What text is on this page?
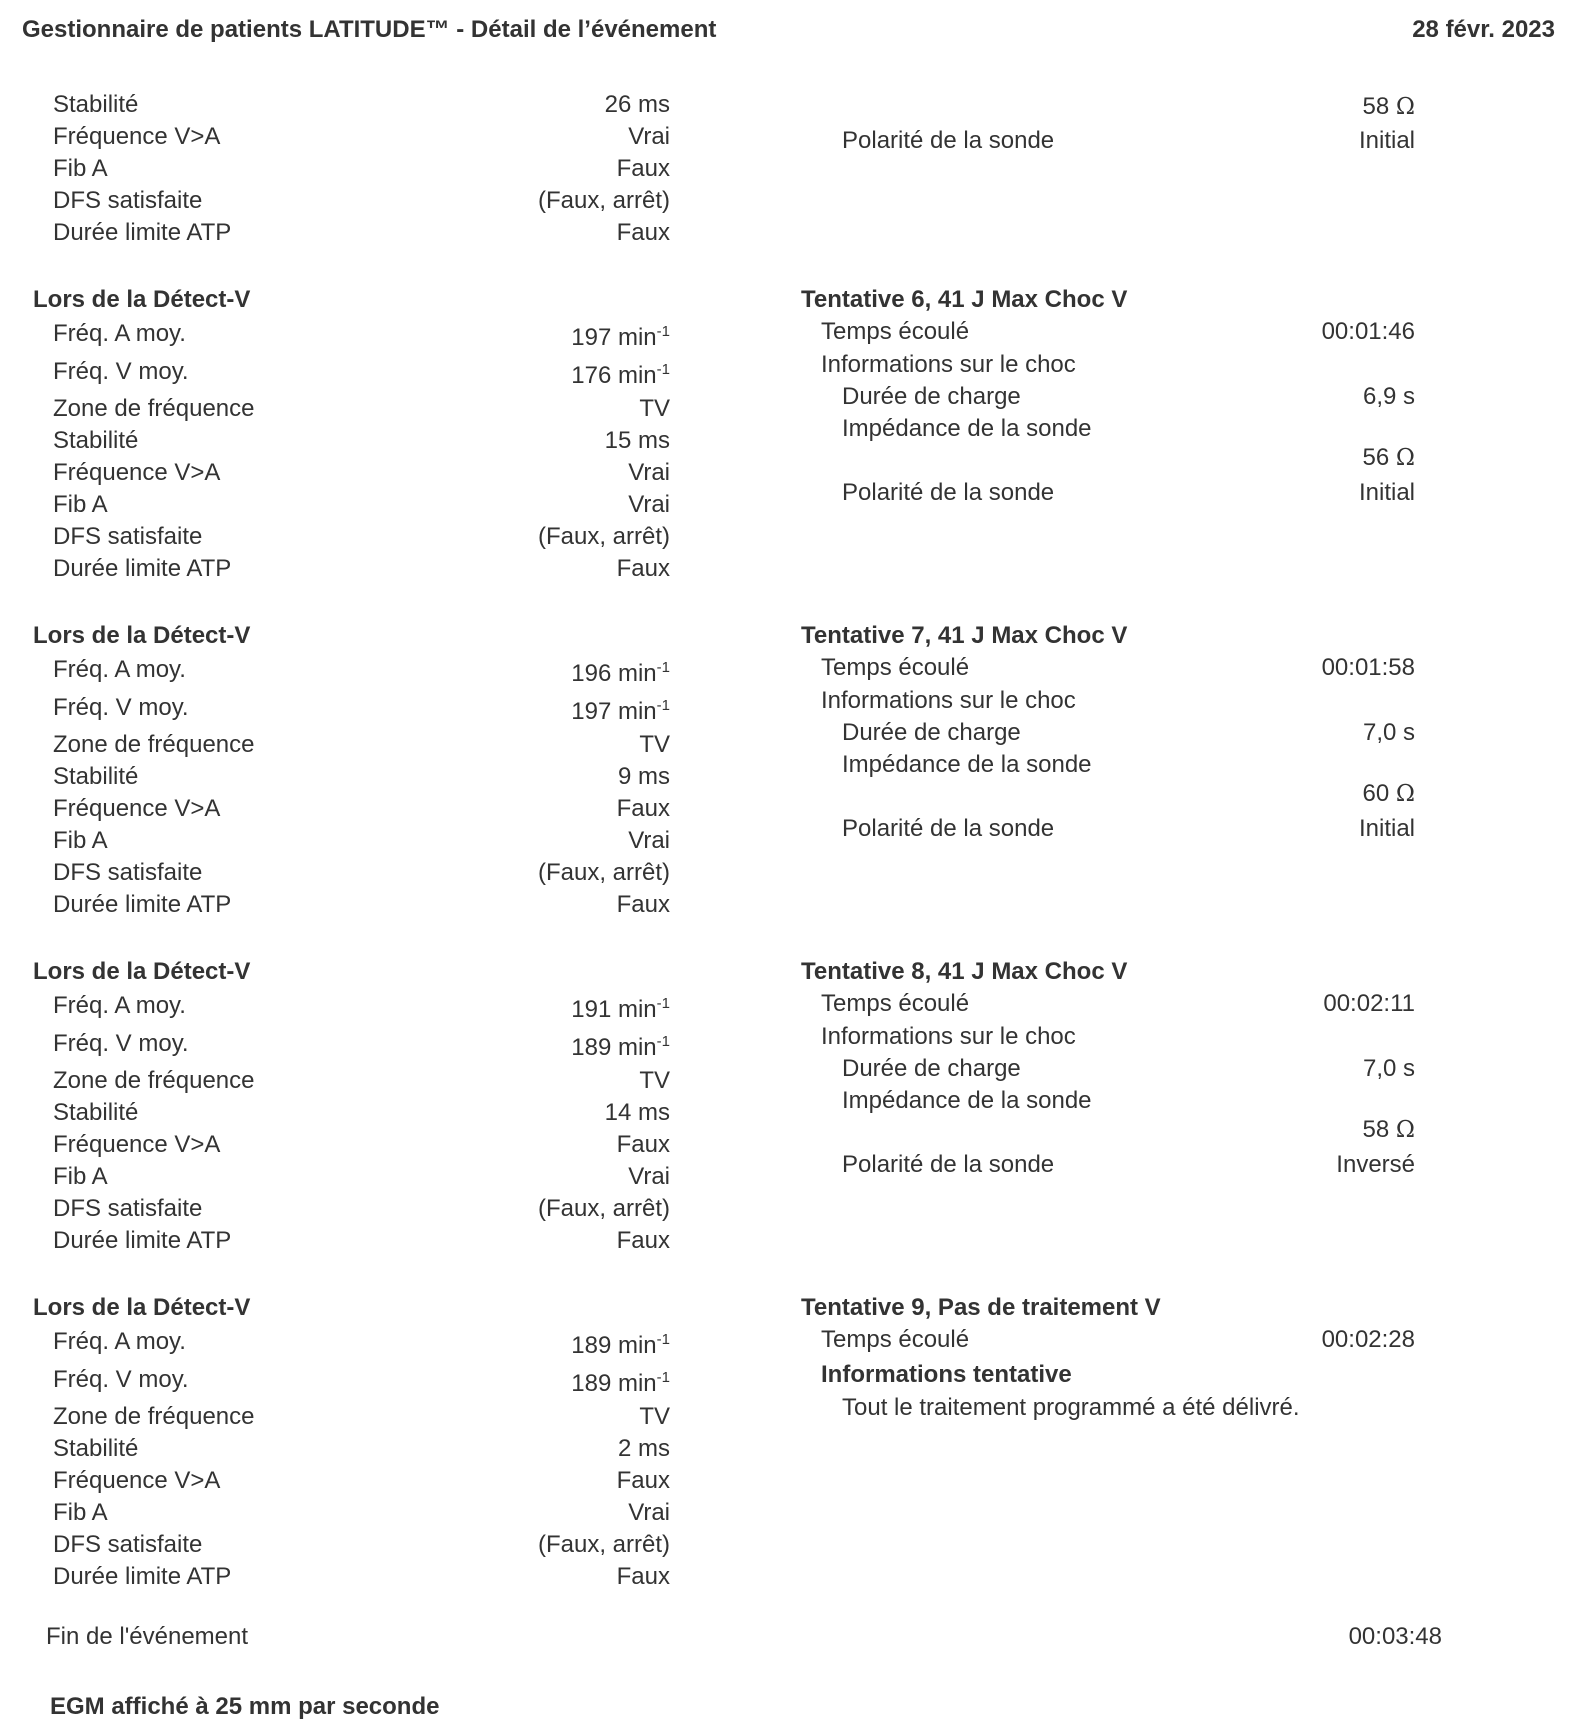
Gestionnaire de patients LATITUDE™ - Détail de l’événement	28 févr. 2023
Stabilité	26 ms
Fréquence V>A	Vrai
Fib A	Faux
DFS satisfaite	(Faux, arrêt)
Durée limite ATP	Faux
Lors de la Détect-V
Fréq. A moy.	197 $\min^{-1}$
Fréq. V moy.	176 $\min^{-1}$
Zone de fréquence	TV
Stabilité	15 ms
Fréquence V>A	Vrai
Fib A	Vrai
DFS satisfaite	(Faux, arrêt)
Durée limite ATP	Faux
Lors de la Détect-V
Fréq. A moy.	196 $\min^{-1}$
Fréq. V moy.	197 $\min^{-1}$
Zone de fréquence	TV
Stabilité	9 ms
Fréquence V>A	Faux
Fib A	Vrai
DFS satisfaite	(Faux, arrêt)
Durée limite ATP	Faux
Lors de la Détect-V
Fréq. A moy.	191 $\min^{-1}$
Fréq. V moy.	189 $\min^{-1}$
Zone de fréquence	TV
Stabilité	14 ms
Fréquence V>A	Faux
Fib A	Vrai
DFS satisfaite	(Faux, arrêt)
Durée limite ATP	Faux
Lors de la Détect-V
Fréq. A moy.	189 $\min^{-1}$
Fréq. V moy.	189 $\min^{-1}$
Zone de fréquence	TV
Stabilité	2 ms
Fréquence V>A	Faux
Fib A	Vrai
DFS satisfaite	(Faux, arrêt)
Durée limite ATP	Faux
58 Ω
Polarité de la sonde	Initial
Tentative 6, 41 J Max Choc V
Temps écoulé	00:01:46
Informations sur le choc
Durée de charge	6,9 s
Impédance de la sonde
56 Ω
Polarité de la sonde	Initial
Tentative 7, 41 J Max Choc V
Temps écoulé	00:01:58
Informations sur le choc
Durée de charge	7,0 s
Impédance de la sonde
60 Ω
Polarité de la sonde	Initial
Tentative 8, 41 J Max Choc V
Temps écoulé	00:02:11
Informations sur le choc
Durée de charge	7,0 s
Impédance de la sonde
58 Ω
Polarité de la sonde	Inversé
Tentative 9, Pas de traitement V
Temps écoulé	00:02:28
Informations tentative
Tout le traitement programmé a été délivré.
Fin de l'événement	00:03:48
EGM affiché à 25 mm par seconde
